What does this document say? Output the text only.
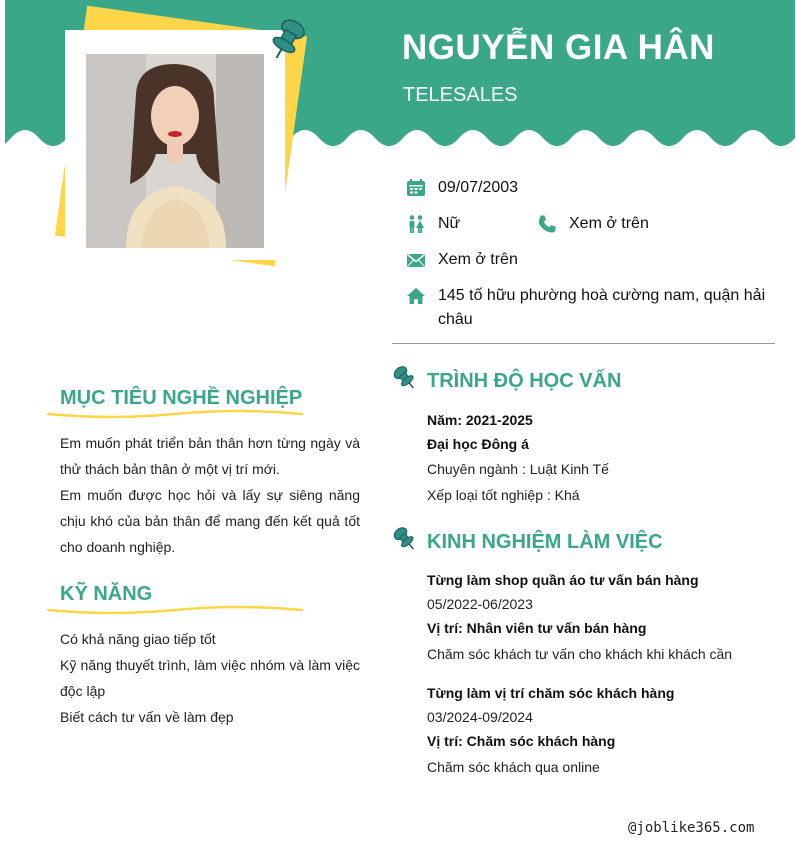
NGUYỄN GIA HÂN
TELESALES
09/07/2003
Nữ	Xem ở trên
Xem ở trên
145 tố hữu phường hoà cường nam, quận hải châu
MỤC TIÊU NGHỀ NGHIỆP

Em muốn phát triển bản thân hơn từng ngày và thử thách bản thân ở một vị trí mới.

Em muốn được học hỏi và lấy sự siêng năng chịu khó của bản thân để mang đến kết quả tốt cho doanh nghiệp.

KỸ NĂNG
Có khả năng giao tiếp tốt
Kỹ năng thuyết trình, làm việc nhóm và làm việc độc lập
Biết cách tư vấn về làm đẹp
TRÌNH ĐỘ HỌC VẤN
Năm: 2021-2025
Đại học Đông á
Chuyên ngành : Luật Kinh Tế
Xếp loại tốt nghiệp : Khá
KINH NGHIỆM LÀM VIỆC
Từng làm shop quần áo tư vấn bán hàng
05/2022-06/2023
Vị trí: Nhân viên tư vấn bán hàng
Chăm sóc khách tư vấn cho khách khi khách cần
Từng làm vị trí chăm sóc khách hàng
03/2024-09/2024
Vị trí: Chăm sóc khách hàng
Chăm sóc khách qua online
@joblike365.com
